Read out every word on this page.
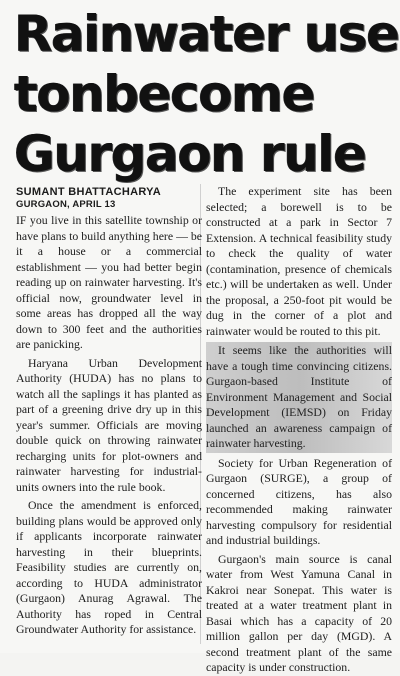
Rainwater use
tonbecome
Gurgaon rule
SUMANT BHATTACHARYA
GURGAON, APRIL 13

IF you live in this satellite township or have plans to build anything here — be it a house or a commercial establishment — you had better begin reading up on rainwater harvesting. It's official now, groundwater level in some areas has dropped all the way down to 300 feet and the authorities are panicking.

Haryana Urban Development Authority (HUDA) has no plans to watch all the saplings it has planted as part of a greening drive dry up in this year's summer. Officials are moving double quick on throwing rainwater recharging units for plot-owners and rainwater harvesting for industrial-units owners into the rule book.

Once the amendment is enforced, building plans would be approved only if applicants incorporate rainwater harvesting in their blueprints. Feasibility studies are currently on, according to HUDA administrator (Gurgaon) Anurag Agrawal. The Authority has roped in Central Groundwater Authority for assistance.

The experiment site has been selected; a borewell is to be constructed at a park in Sector 7 Extension. A technical feasibility study to check the quality of water (contamination, presence of chemicals etc.) will be undertaken as well. Under the proposal, a 250-foot pit would be dug in the corner of a plot and rainwater would be routed to this pit.

It seems like the authorities will have a tough time convincing citizens. Gurgaon-based Institute of Environment Management and Social Development (IEMSD) on Friday launched an awareness campaign of rainwater harvesting.

Society for Urban Regeneration of Gurgaon (SURGE), a group of concerned citizens, has also recommended making rainwater harvesting compulsory for residential and industrial buildings.

Gurgaon's main source is canal water from West Yamuna Canal in Kakroi near Sonepat. This water is treated at a water treatment plant in Basai which has a capacity of 20 million gallon per day (MGD). A second treatment plant of the same capacity is under construction.
